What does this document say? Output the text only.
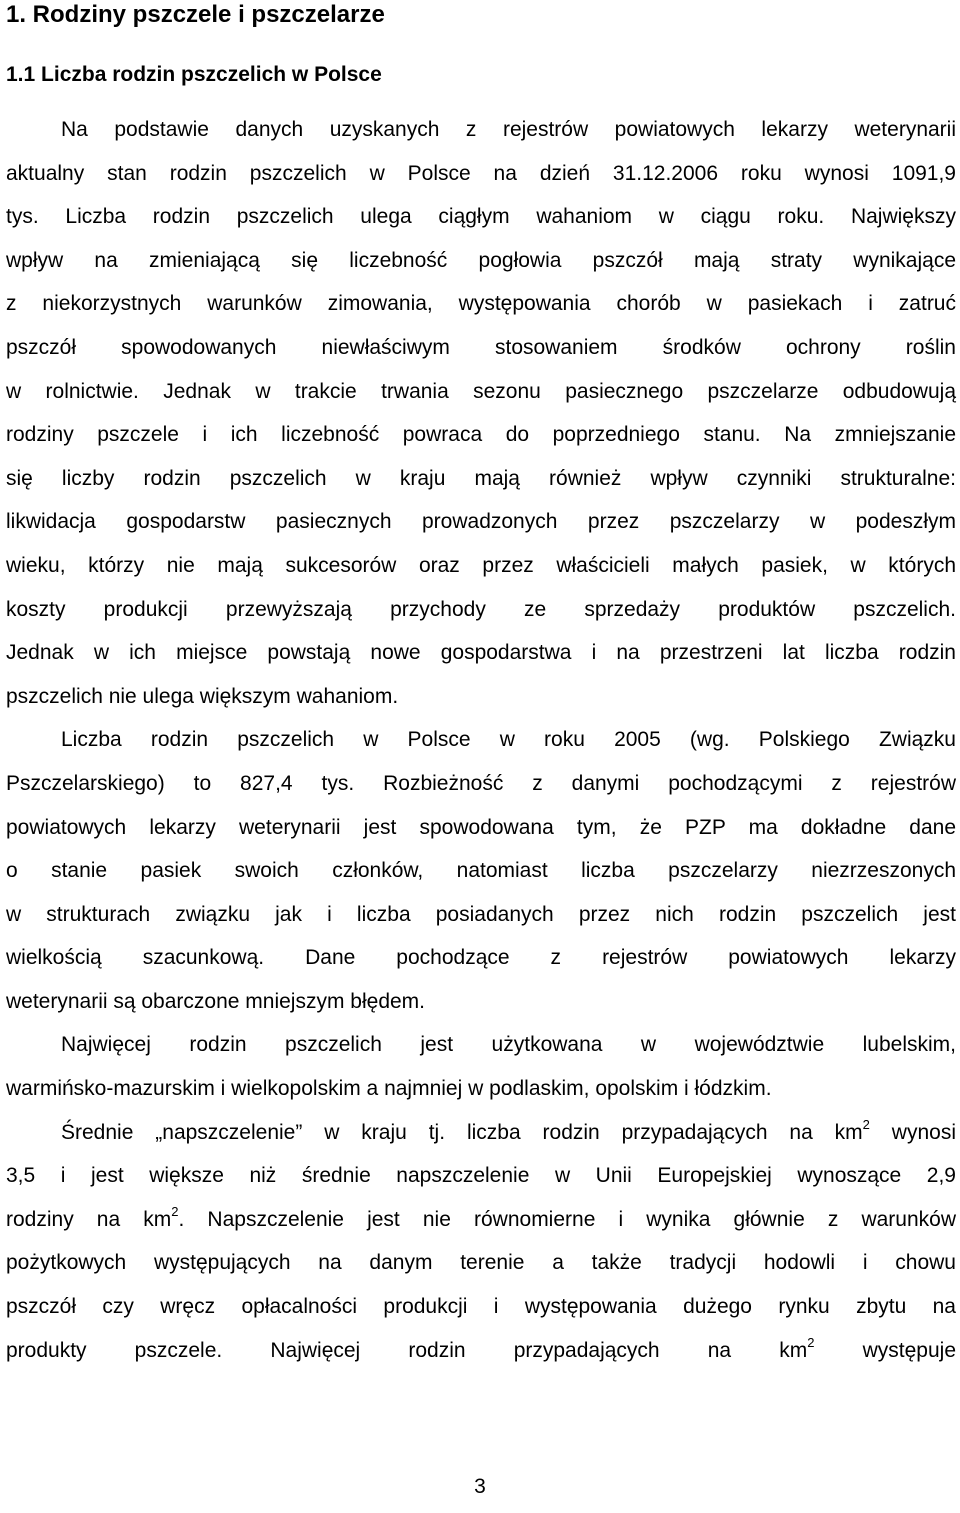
1. Rodziny pszczele i pszczelarze
1.1 Liczba rodzin pszczelich w Polsce
Na podstawie danych uzyskanych z rejestrów powiatowych lekarzy weterynarii
aktualny stan rodzin pszczelich w Polsce na dzień 31.12.2006 roku wynosi 1091,9
tys. Liczba rodzin pszczelich ulega ciągłym wahaniom w ciągu roku. Największy
wpływ na zmieniającą się liczebność pogłowia pszczół mają straty wynikające
z niekorzystnych warunków zimowania, występowania chorób w pasiekach i zatruć
pszczół spowodowanych niewłaściwym stosowaniem środków ochrony roślin
w rolnictwie. Jednak w trakcie trwania sezonu pasiecznego pszczelarze odbudowują
rodziny pszczele i ich liczebność powraca do poprzedniego stanu. Na zmniejszanie
się liczby rodzin pszczelich w kraju mają również wpływ czynniki strukturalne:
likwidacja gospodarstw pasiecznych prowadzonych przez pszczelarzy w podeszłym
wieku, którzy nie mają sukcesorów oraz przez właścicieli małych pasiek, w których
koszty produkcji przewyższają przychody ze sprzedaży produktów pszczelich.
Jednak w ich miejsce powstają nowe gospodarstwa i na przestrzeni lat liczba rodzin
pszczelich nie ulega większym wahaniom.
Liczba rodzin pszczelich w Polsce w roku 2005 (wg. Polskiego Związku
Pszczelarskiego) to 827,4 tys. Rozbieżność z danymi pochodzącymi z rejestrów
powiatowych lekarzy weterynarii jest spowodowana tym, że PZP ma dokładne dane
o stanie pasiek swoich członków, natomiast liczba pszczelarzy niezrzeszonych
w strukturach związku jak i liczba posiadanych przez nich rodzin pszczelich jest
wielkością szacunkową. Dane pochodzące z rejestrów powiatowych lekarzy
weterynarii są obarczone mniejszym błędem.
Najwięcej rodzin pszczelich jest użytkowana w województwie lubelskim,
warmińsko-mazurskim i wielkopolskim a najmniej w podlaskim, opolskim i łódzkim.
Średnie „napszczelenie” w kraju tj. liczba rodzin przypadających na $km^2$ wynosi
3,5 i jest większe niż średnie napszczelenie w Unii Europejskiej wynoszące 2,9
rodziny na $km^2$. Napszczelenie jest nie równomierne i wynika głównie z warunków
pożytkowych występujących na danym terenie a także tradycji hodowli i chowu
pszczół czy wręcz opłacalności produkcji i występowania dużego rynku zbytu na
produkty pszczele. Najwięcej rodzin przypadających na $km^2$ występuje
3
